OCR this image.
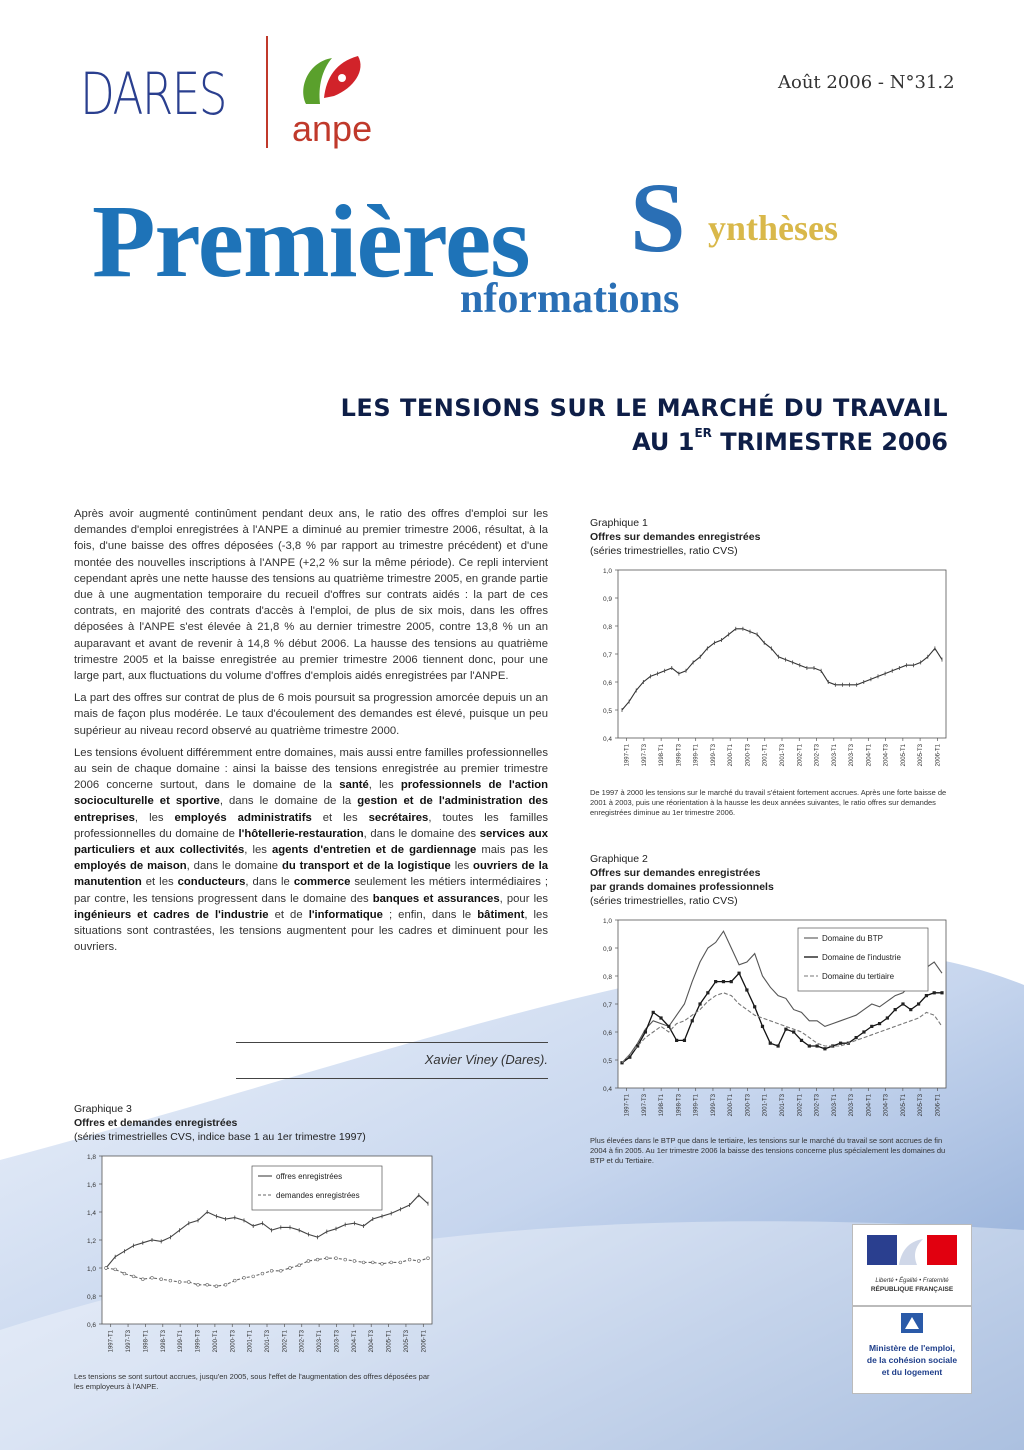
DARES
anpe
Août 2006 - N°31.2
Premières S ynthèses
nformations
LES TENSIONS SUR LE MARCHÉ DU TRAVAIL
AU 1ER TRIMESTRE 2006

Après avoir augmenté continûment pendant deux ans, le ratio des offres d'emploi sur les demandes d'emploi enregistrées à l'ANPE a diminué au premier trimestre 2006, résultat, à la fois, d'une baisse des offres déposées (-3,8 % par rapport au trimestre précédent) et d'une montée des nouvelles inscriptions à l'ANPE (+2,2 % sur la même période). Ce repli intervient cependant après une nette hausse des tensions au quatrième trimestre 2005, en grande partie due à une augmentation temporaire du recueil d'offres sur contrats aidés : la part de ces contrats, en majorité des contrats d'accès à l'emploi, de plus de six mois, dans les offres déposées à l'ANPE s'est élevée à 21,8 % au dernier trimestre 2005, contre 13,8 % un an auparavant et avant de revenir à 14,8 % début 2006. La hausse des tensions au quatrième trimestre 2005 et la baisse enregistrée au premier trimestre 2006 tiennent donc, pour une large part, aux fluctuations du volume d'offres d'emplois aidés enregistrées par l'ANPE.

La part des offres sur contrat de plus de 6 mois poursuit sa progression amorcée depuis un an mais de façon plus modérée. Le taux d'écoulement des demandes est élevé, puisque un peu supérieur au niveau record observé au quatrième trimestre 2000.

Les tensions évoluent différemment entre domaines, mais aussi entre familles professionnelles au sein de chaque domaine : ainsi la baisse des tensions enregistrée au premier trimestre 2006 concerne surtout, dans le domaine de la santé, les professionnels de l'action socioculturelle et sportive, dans le domaine de la gestion et de l'administration des entreprises, les employés administratifs et les secrétaires, toutes les familles professionnelles du domaine de l'hôtellerie-restauration, dans le domaine des services aux particuliers et aux collectivités, les agents d'entretien et de gardiennage mais pas les employés de maison, dans le domaine du transport et de la logistique les ouvriers de la manutention et les conducteurs, dans le commerce seulement les métiers intermédiaires ; par contre, les tensions progressent dans le domaine des banques et assurances, pour les ingénieurs et cadres de l'industrie et de l'informatique ; enfin, dans le bâtiment, les situations sont contrastées, les tensions augmentent pour les cadres et diminuent pour les ouvriers.

Xavier Viney (Dares).
Graphique 1
Offres sur demandes enregistrées
(séries trimestrielles, ratio CVS)
0,4
0,5
0,6
0,7
0,8
0,9
1,0
1997-T1 1997-T3 1998-T1 1998-T3 1999-T1 1999-T3 2000-T1 2000-T3 2001-T1 2001-T3 2002-T1 2002-T3 2003-T1 2003-T3 2004-T1 2004-T3 2005-T1 2005-T3 2006-T1
De 1997 à 2000 les tensions sur le marché du travail s'étaient fortement accrues. Après une forte baisse de 2001 à 2003, puis une réorientation à la hausse les deux années suivantes, le ratio offres sur demandes enregistrées diminue au 1er trimestre 2006.
Graphique 2
Offres sur demandes enregistrées
par grands domaines professionnels
(séries trimestrielles, ratio CVS)
0,4
0,5
0,6
0,7
0,8
0,9
1,0
1997-T1 1997-T3 1998-T1 1998-T3 1999-T1 1999-T3 2000-T1 2000-T3 2001-T1 2001-T3 2002-T1 2002-T3 2003-T1 2003-T3 2004-T1 2004-T3 2005-T1 2005-T3 2006-T1
Domaine du BTP
Domaine de l'industrie
Domaine du tertiaire
Plus élevées dans le BTP que dans le tertiaire, les tensions sur le marché du travail se sont accrues de fin 2004 à fin 2005. Au 1er trimestre 2006 la baisse des tensions concerne plus spécialement les domaines du BTP et du Tertiaire.
Graphique 3
Offres et demandes enregistrées
(séries trimestrielles CVS, indice base 1 au 1er trimestre 1997)
0,6
0,8
1,0
1,2
1,4
1,6
1,8
1997-T1 1997-T3 1998-T1 1998-T3 1999-T1 1999-T3 2000-T1 2000-T3 2001-T1 2001-T3 2002-T1 2002-T3 2003-T1 2003-T3 2004-T1 2004-T3 2005-T1 2005-T3 2006-T1
offres enregistrées
demandes enregistrées
Les tensions se sont surtout accrues, jusqu'en 2005, sous l'effet de l'augmentation des offres déposées par les employeurs à l'ANPE.
Liberté • Égalité • Fraternité
RÉPUBLIQUE FRANÇAISE
Ministère de l'emploi,
de la cohésion sociale
et du logement
